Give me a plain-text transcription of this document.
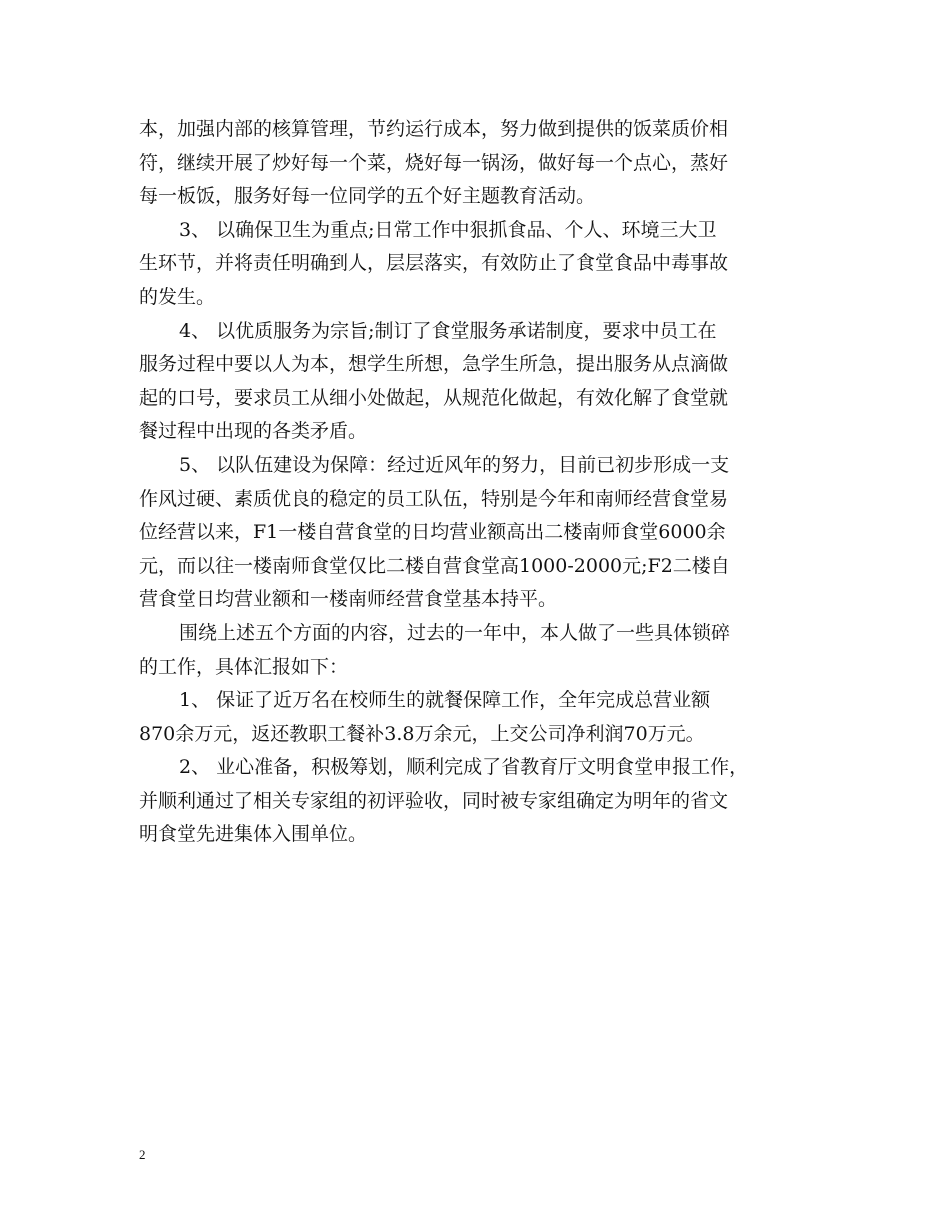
本，加强内部的核算管理，节约运行成本，努力做到提供的饭菜质价相
符，继续开展了炒好每一个菜，烧好每一锅汤，做好每一个点心，蒸好
每一板饭，服务好每一位同学的五个好主题教育活动。
3、 以确保卫生为重点;日常工作中狠抓食品、个人、环境三大卫
生环节，并将责任明确到人，层层落实，有效防止了食堂食品中毒事故
的发生。
4、 以优质服务为宗旨;制订了食堂服务承诺制度，要求中员工在
服务过程中要以人为本，想学生所想，急学生所急，提出服务从点滴做
起的口号，要求员工从细小处做起，从规范化做起，有效化解了食堂就
餐过程中出现的各类矛盾。
5、 以队伍建设为保障：经过近风年的努力，目前已初步形成一支
作风过硬、素质优良的稳定的员工队伍，特别是今年和南师经营食堂易
位经营以来，F1一楼自营食堂的日均营业额高出二楼南师食堂6000余
元，而以往一楼南师食堂仅比二楼自营食堂高1000-2000元;F2二楼自
营食堂日均营业额和一楼南师经营食堂基本持平。
围绕上述五个方面的内容，过去的一年中，本人做了一些具体锁碎
的工作，具体汇报如下：
1、 保证了近万名在校师生的就餐保障工作，全年完成总营业额
870余万元，返还教职工餐补3.8万余元，上交公司净利润70万元。
2、 业心准备，积极筹划，顺利完成了省教育厅文明食堂申报工作，
并顺利通过了相关专家组的初评验收，同时被专家组确定为明年的省文
明食堂先进集体入围单位。
2
